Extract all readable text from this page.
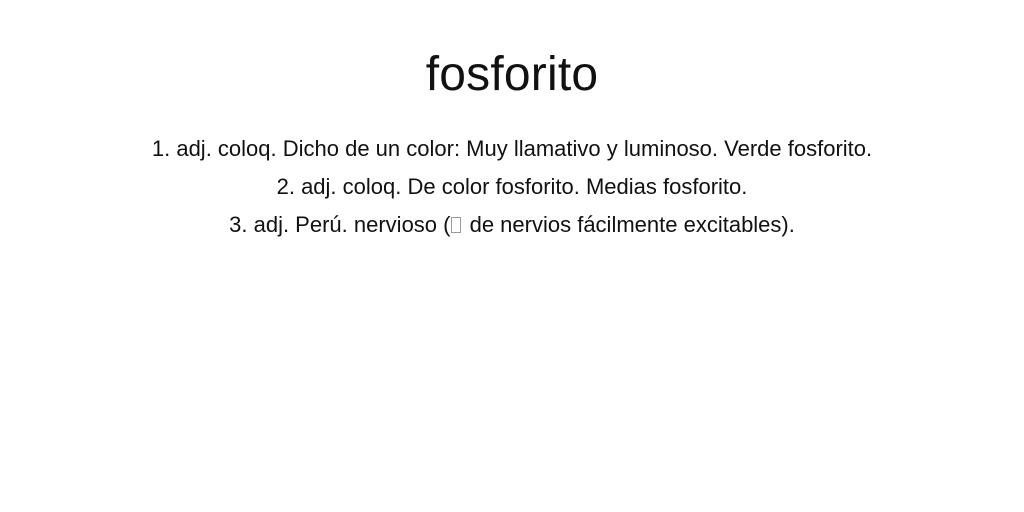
fosforito
1. adj. coloq. Dicho de un color: Muy llamativo y luminoso. Verde fosforito.
2. adj. coloq. De color fosforito. Medias fosforito.
3. adj. Perú. nervioso ( de nervios fácilmente excitables).
